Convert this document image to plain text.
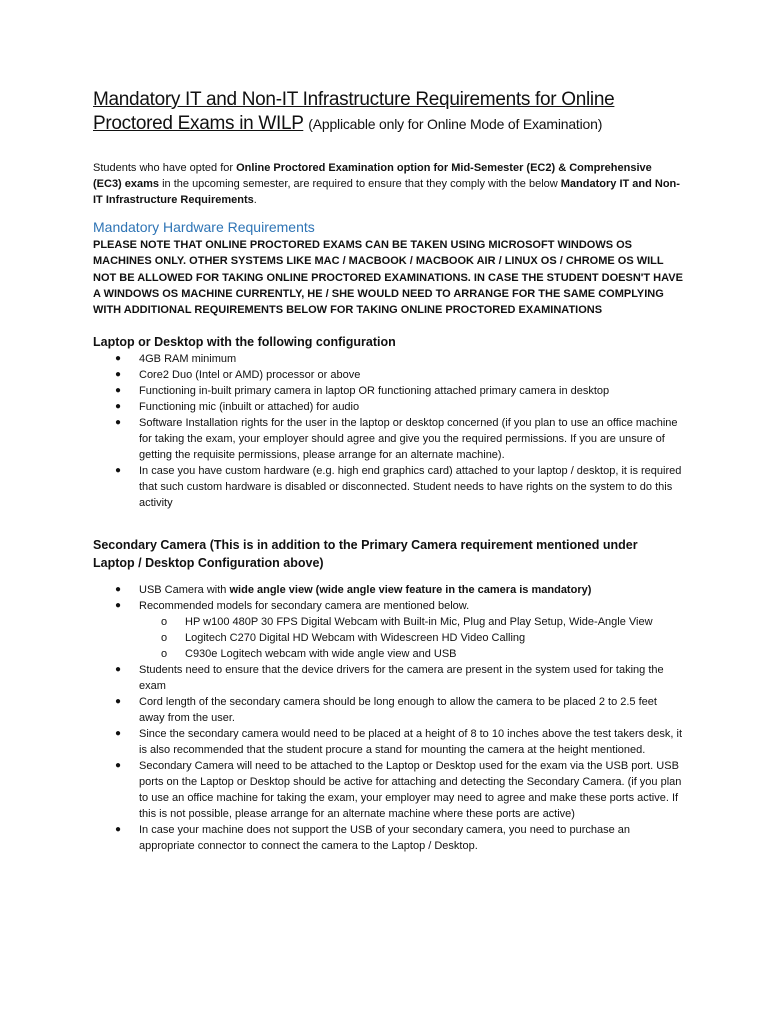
Mandatory IT and Non-IT Infrastructure Requirements for Online Proctored Exams in WILP (Applicable only for Online Mode of Examination)

Students who have opted for Online Proctored Examination option for Mid-Semester (EC2) & Comprehensive (EC3) exams in the upcoming semester, are required to ensure that they comply with the below Mandatory IT and Non-IT Infrastructure Requirements.

Mandatory Hardware Requirements

PLEASE NOTE THAT ONLINE PROCTORED EXAMS CAN BE TAKEN USING MICROSOFT WINDOWS OS MACHINES ONLY. OTHER SYSTEMS LIKE MAC / MACBOOK / MACBOOK AIR / LINUX OS / CHROME OS WILL NOT BE ALLOWED FOR TAKING ONLINE PROCTORED EXAMINATIONS. IN CASE THE STUDENT DOESN'T HAVE A WINDOWS OS MACHINE CURRENTLY, HE / SHE WOULD NEED TO ARRANGE FOR THE SAME COMPLYING WITH ADDITIONAL REQUIREMENTS BELOW FOR TAKING ONLINE PROCTORED EXAMINATIONS

Laptop or Desktop with the following configuration
● 4GB RAM minimum
● Core2 Duo (Intel or AMD) processor or above
● Functioning in-built primary camera in laptop OR functioning attached primary camera in desktop
● Functioning mic (inbuilt or attached) for audio
● Software Installation rights for the user in the laptop or desktop concerned (if you plan to use an office machine for taking the exam, your employer should agree and give you the required permissions. If you are unsure of getting the requisite permissions, please arrange for an alternate machine).
● In case you have custom hardware (e.g. high end graphics card) attached to your laptop / desktop, it is required that such custom hardware is disabled or disconnected. Student needs to have rights on the system to do this activity
Secondary Camera (This is in addition to the Primary Camera requirement mentioned under Laptop / Desktop Configuration above)
● USB Camera with wide angle view (wide angle view feature in the camera is mandatory)
● Recommended models for secondary camera are mentioned below.
o HP w100 480P 30 FPS Digital Webcam with Built-in Mic, Plug and Play Setup, Wide-Angle View
o Logitech C270 Digital HD Webcam with Widescreen HD Video Calling
o C930e Logitech webcam with wide angle view and USB
● Students need to ensure that the device drivers for the camera are present in the system used for taking the exam
● Cord length of the secondary camera should be long enough to allow the camera to be placed 2 to 2.5 feet away from the user.
● Since the secondary camera would need to be placed at a height of 8 to 10 inches above the test takers desk, it is also recommended that the student procure a stand for mounting the camera at the height mentioned.
● Secondary Camera will need to be attached to the Laptop or Desktop used for the exam via the USB port. USB ports on the Laptop or Desktop should be active for attaching and detecting the Secondary Camera. (if you plan to use an office machine for taking the exam, your employer may need to agree and make these ports active. If this is not possible, please arrange for an alternate machine where these ports are active)
● In case your machine does not support the USB of your secondary camera, you need to purchase an appropriate connector to connect the camera to the Laptop / Desktop.
